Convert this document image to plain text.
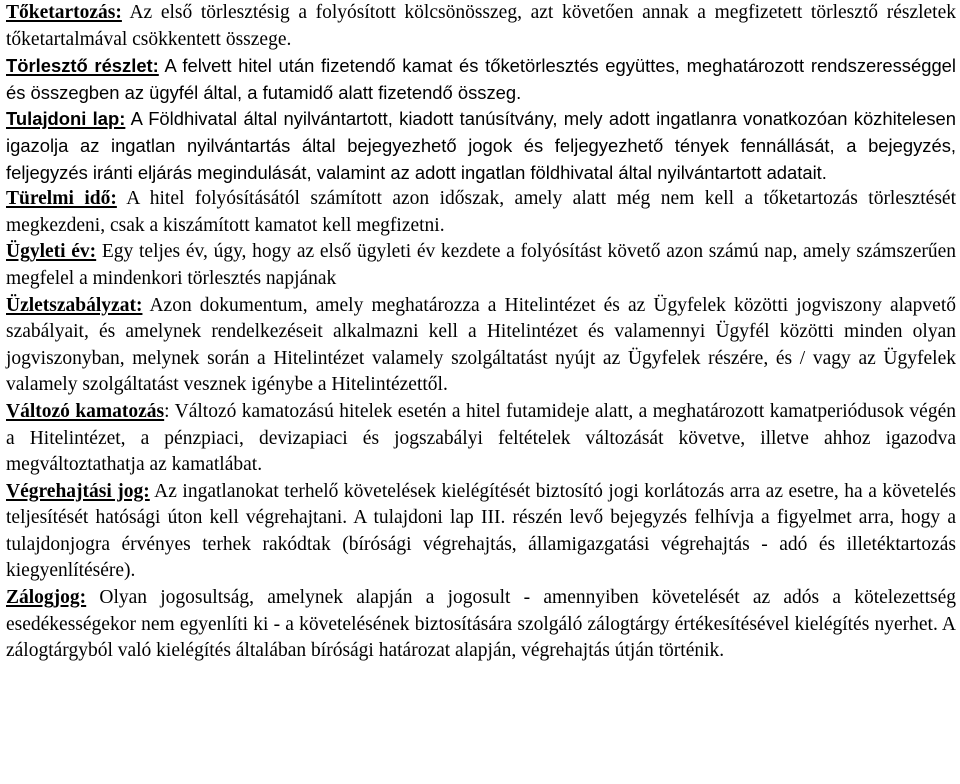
Tőketartozás: Az első törlesztésig a folyósított kölcsönösszeg, azt követően annak a megfizetett törlesztő részletek tőketartalmával csökkentett összege.

Törlesztő részlet: A felvett hitel után fizetendő kamat és tőketörlesztés együttes, meghatározott rendszerességgel és összegben az ügyfél által, a futamidő alatt fizetendő összeg.

Tulajdoni lap: A Földhivatal által nyilvántartott, kiadott tanúsítvány, mely adott ingatlanra vonatkozóan közhitelesen igazolja az ingatlan nyilvántartás által bejegyezhető jogok és feljegyezhető tények fennállását, a bejegyzés, feljegyzés iránti eljárás megindulását, valamint az adott ingatlan földhivatal által nyilvántartott adatait.

Türelmi idő: A hitel folyósításától számított azon időszak, amely alatt még nem kell a tőketartozás törlesztését megkezdeni, csak a kiszámított kamatot kell megfizetni.

Ügyleti év: Egy teljes év, úgy, hogy az első ügyleti év kezdete a folyósítást követő azon számú nap, amely számszerűen megfelel a mindenkori törlesztés napjának

Üzletszabályzat: Azon dokumentum, amely meghatározza a Hitelintézet és az Ügyfelek közötti jogviszony alapvető szabályait, és amelynek rendelkezéseit alkalmazni kell a Hitelintézet és valamennyi Ügyfél közötti minden olyan jogviszonyban, melynek során a Hitelintézet valamely szolgáltatást nyújt az Ügyfelek részére, és / vagy az Ügyfelek valamely szolgáltatást vesznek igénybe a Hitelintézettől.

Változó kamatozás: Változó kamatozású hitelek esetén a hitel futamideje alatt, a meghatározott kamatperiódusok végén a Hitelintézet, a pénzpiaci, devizapiaci és jogszabályi feltételek változását követve, illetve ahhoz igazodva megváltoztathatja az kamatlábat.

Végrehajtási jog: Az ingatlanokat terhelő követelések kielégítését biztosító jogi korlátozás arra az esetre, ha a követelés teljesítését hatósági úton kell végrehajtani. A tulajdoni lap III. részén levő bejegyzés felhívja a figyelmet arra, hogy a tulajdonjogra érvényes terhek rakódtak (bírósági végrehajtás, államigazgatási végrehajtás - adó és illetéktartozás kiegyenlítésére).

Zálogjog: Olyan jogosultság, amelynek alapján a jogosult - amennyiben követelését az adós a kötelezettség esedékességekor nem egyenlíti ki - a követelésének biztosítására szolgáló zálogtárgy értékesítésével kielégítés nyerhet. A zálogtárgyból való kielégítés általában bírósági határozat alapján, végrehajtás útján történik.
